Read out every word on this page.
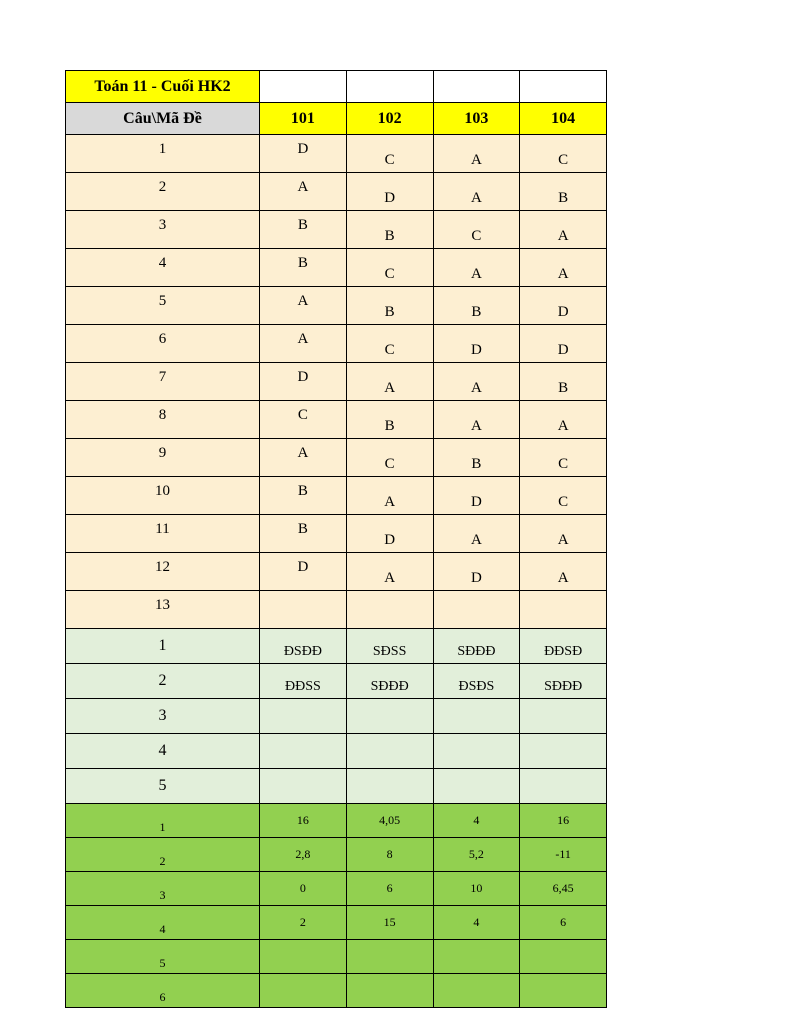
Toán 11 - Cuối HK2				
Câu\Mã Đề	101	102	103	104
1	D	C	A	C
2	A	D	A	B
3	B	B	C	A
4	B	C	A	A
5	A	B	B	D
6	A	C	D	D
7	D	A	A	B
8	C	B	A	A
9	A	C	B	C
10	B	A	D	C
11	B	D	A	A
12	D	A	D	A
13				
1	ĐSĐĐ	SĐSS	SĐĐĐ	ĐĐSĐ
2	ĐĐSS	SĐĐĐ	ĐSĐS	SĐĐĐ
3				
4				
5				
1	16	4,05	4	16
2	2,8	8	5,2	-11
3	0	6	10	6,45
4	2	15	4	6
5				
6				
